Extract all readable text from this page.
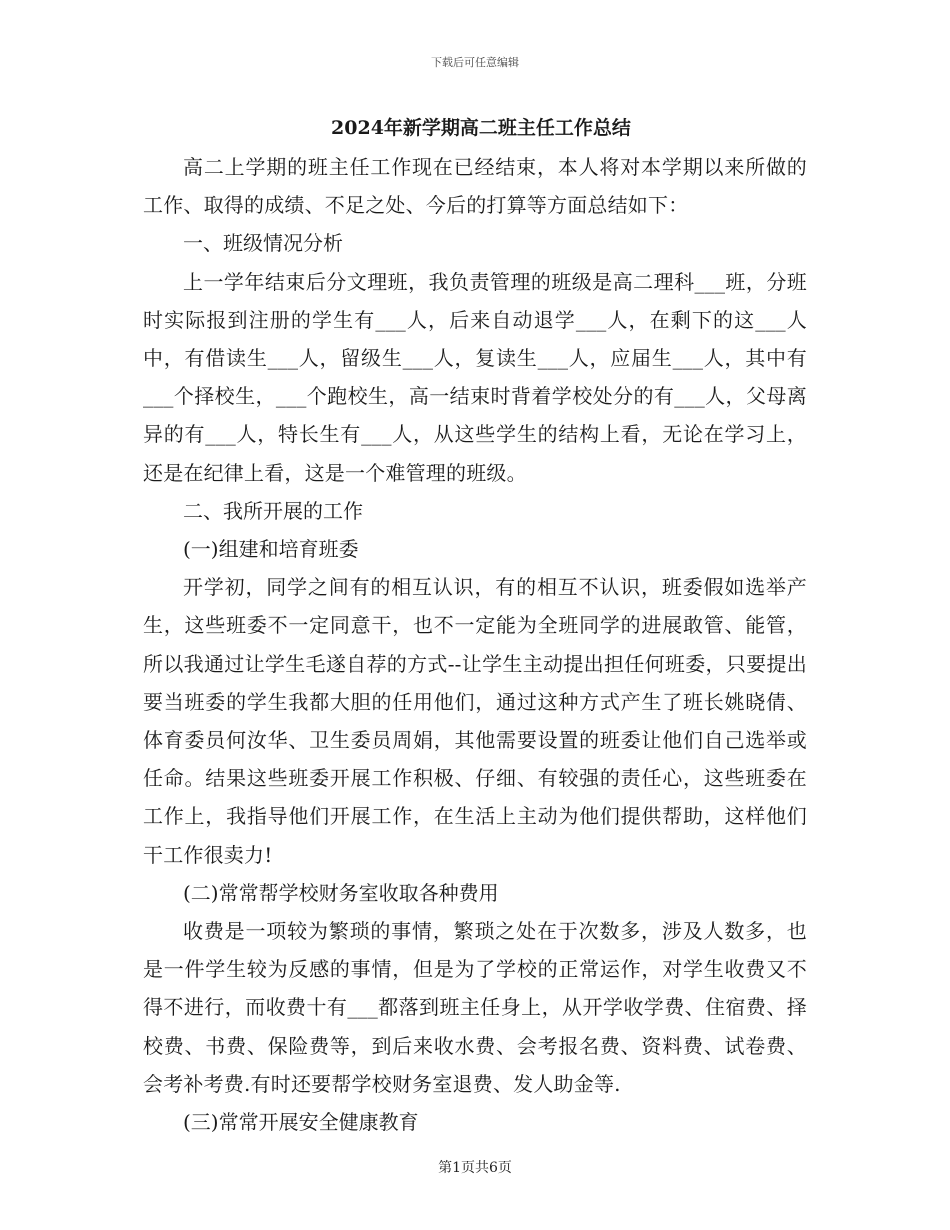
下载后可任意编辑
2024年新学期高二班主任工作总结

高二上学期的班主任工作现在已经结束，本人将对本学期以来所做的工作、取得的成绩、不足之处、今后的打算等方面总结如下：

一、班级情况分析

上一学年结束后分文理班，我负责管理的班级是高二理科___班，分班时实际报到注册的学生有___人，后来自动退学___人，在剩下的这___人中，有借读生___人，留级生___人，复读生___人，应届生___人，其中有___个择校生，___个跑校生，高一结束时背着学校处分的有___人，父母离异的有___人，特长生有___人，从这些学生的结构上看，无论在学习上，还是在纪律上看，这是一个难管理的班级。

二、我所开展的工作

(一)组建和培育班委

开学初，同学之间有的相互认识，有的相互不认识，班委假如选举产生，这些班委不一定同意干，也不一定能为全班同学的进展敢管、能管，所以我通过让学生毛遂自荐的方式--让学生主动提出担任何班委，只要提出要当班委的学生我都大胆的任用他们，通过这种方式产生了班长姚晓倩、体育委员何汝华、卫生委员周娟，其他需要设置的班委让他们自己选举或任命。结果这些班委开展工作积极、仔细、有较强的责任心，这些班委在工作上，我指导他们开展工作，在生活上主动为他们提供帮助，这样他们干工作很卖力!

(二)常常帮学校财务室收取各种费用

收费是一项较为繁琐的事情，繁琐之处在于次数多，涉及人数多，也是一件学生较为反感的事情，但是为了学校的正常运作，对学生收费又不得不进行，而收费十有___都落到班主任身上，从开学收学费、住宿费、择校费、书费、保险费等，到后来收水费、会考报名费、资料费、试卷费、会考补考费.有时还要帮学校财务室退费、发人助金等.

(三)常常开展安全健康教育

第1页共6页
